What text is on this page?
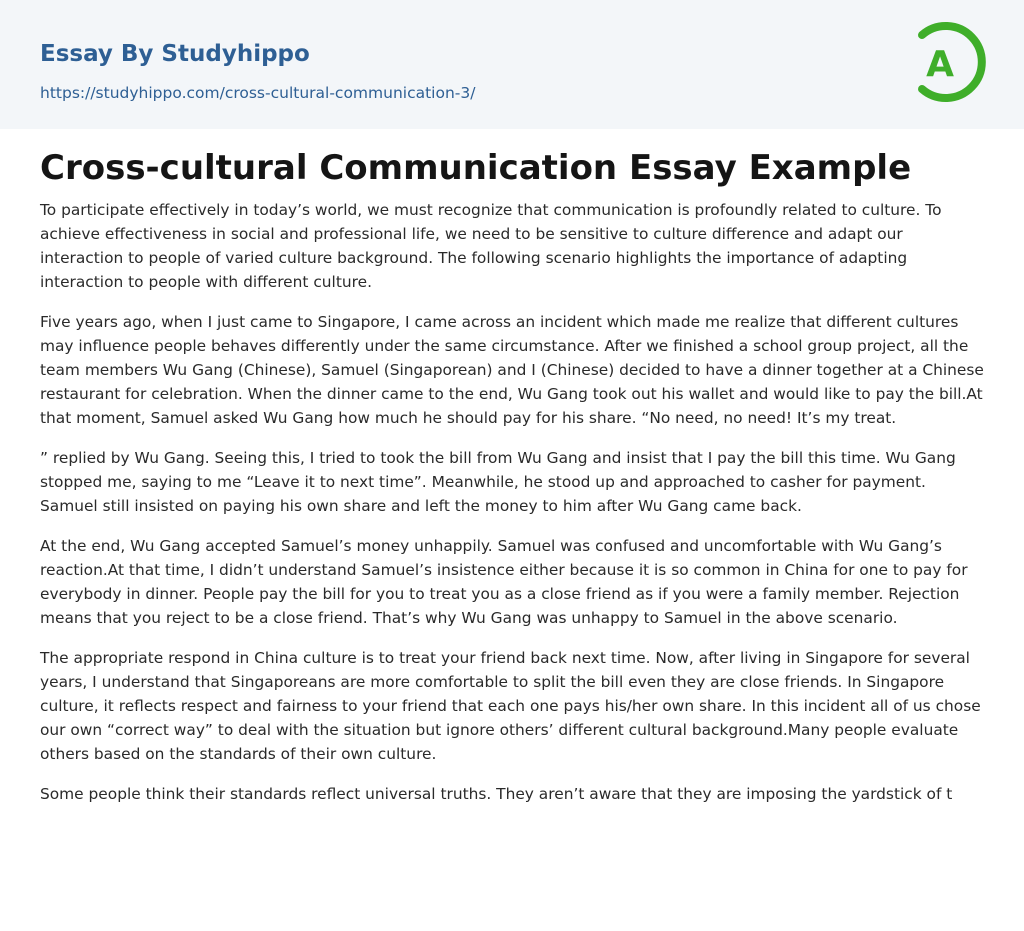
Essay By Studyhippo
https://studyhippo.com/cross-cultural-communication-3/
A
Cross-cultural Communication Essay Example

To participate effectively in today’s world, we must recognize that communication is profoundly related to culture. To achieve effectiveness in social and professional life, we need to be sensitive to culture difference and adapt our interaction to people of varied culture background. The following scenario highlights the importance of adapting interaction to people with different culture.

Five years ago, when I just came to Singapore, I came across an incident which made me realize that different cultures may influence people behaves differently under the same circumstance. After we finished a school group project, all the team members Wu Gang (Chinese), Samuel (Singaporean) and I (Chinese) decided to have a dinner together at a Chinese restaurant for celebration. When the dinner came to the end, Wu Gang took out his wallet and would like to pay the bill.At that moment, Samuel asked Wu Gang how much he should pay for his share. “No need, no need! It’s my treat.

” replied by Wu Gang. Seeing this, I tried to took the bill from Wu Gang and insist that I pay the bill this time. Wu Gang stopped me, saying to me “Leave it to next time”. Meanwhile, he stood up and approached to casher for payment. Samuel still insisted on paying his own share and left the money to him after Wu Gang came back.

At the end, Wu Gang accepted Samuel’s money unhappily. Samuel was confused and uncomfortable with Wu Gang’s reaction.At that time, I didn’t understand Samuel’s insistence either because it is so common in China for one to pay for everybody in dinner. People pay the bill for you to treat you as a close friend as if you were a family member. Rejection means that you reject to be a close friend. That’s why Wu Gang was unhappy to Samuel in the above scenario.

The appropriate respond in China culture is to treat your friend back next time. Now, after living in Singapore for several years, I understand that Singaporeans are more comfortable to split the bill even they are close friends. In Singapore culture, it reflects respect and fairness to your friend that each one pays his/her own share. In this incident all of us chose our own “correct way” to deal with the situation but ignore others’ different cultural background.Many people evaluate others based on the standards of their own culture.

Some people think their standards reflect universal truths. They aren’t aware that they are imposing the yardstick of t
